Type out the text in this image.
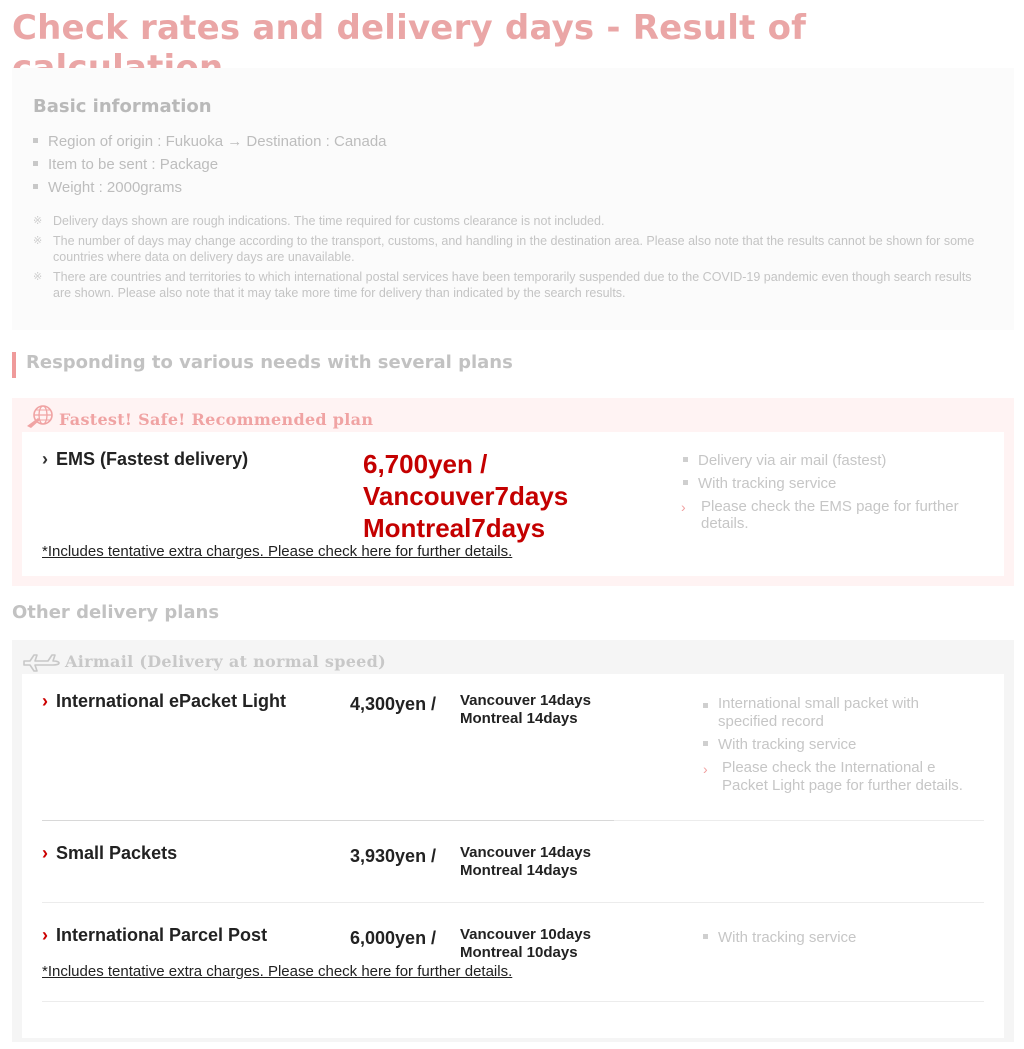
Check rates and delivery days - Result of
Basic information
Region of origin : Fukuoka → Destination : Canada
Item to be sent : Package
Weight : 2000grams
※ Delivery days shown are rough indications. The time required for customs clearance is not included.
※ The number of days may change according to the transport, customs, and handling in the destination area. Please also note that the results cannot be shown for some countries where data on delivery days are unavailable.
※ There are countries and territories to which international postal services have been temporarily suspended due to the COVID-19 pandemic even though search results are shown. Please also note that it may take more time for delivery than indicated by the search results.
Responding to various needs with several plans
Fastest! Safe! Recommended plan
› EMS (Fastest delivery)	6,700yen /
Vancouver7days
Montreal7days
*Includes tentative extra charges. Please check here for further details.
Delivery via air mail (fastest)
With tracking service
› Please check the EMS page for further details.
Other delivery plans
Airmail (Delivery at normal speed)
› International ePacket Light	4,300yen / Vancouver 14days
Montreal 14days
International small packet with specified record
With tracking service
› Please check the International e Packet Light page for further details.
› Small Packets	3,930yen / Vancouver 14days
Montreal 14days
› International Parcel Post	6,000yen / Vancouver 10days
Montreal 10days
With tracking service
*Includes tentative extra charges. Please check here for further details.
